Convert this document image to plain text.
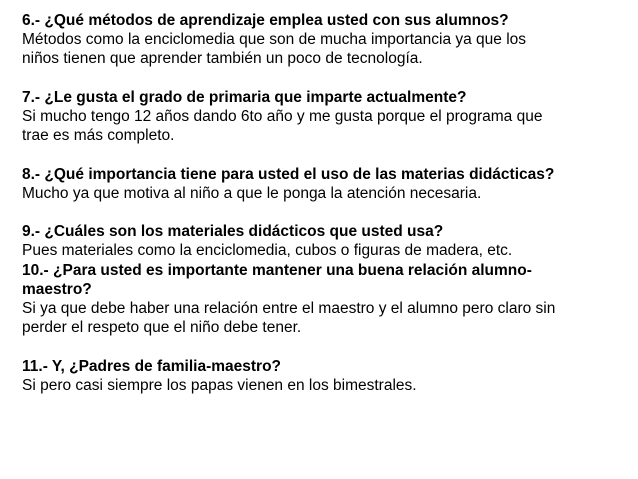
6.- ¿Qué métodos de aprendizaje emplea usted con sus alumnos?

Métodos como la enciclomedia que son de mucha importancia ya que los

niños tienen que aprender también un poco de tecnología.

7.- ¿Le gusta el grado de primaria que imparte actualmente?

Si mucho tengo 12 años dando 6to año y me gusta porque el programa que

trae es más completo.

8.- ¿Qué importancia tiene para usted el uso de las materias didácticas?

Mucho ya que motiva al niño a que le ponga la atención necesaria.

9.- ¿Cuáles son los materiales didácticos que usted usa?

Pues materiales como la enciclomedia, cubos o figuras de madera, etc.

10.- ¿Para usted es importante mantener una buena relación alumno-

maestro?

Si ya que debe haber una relación entre el maestro y el alumno pero claro sin

perder el respeto que el niño debe tener.

11.- Y, ¿Padres de familia-maestro?

Si pero casi siempre los papas vienen en los bimestrales.
